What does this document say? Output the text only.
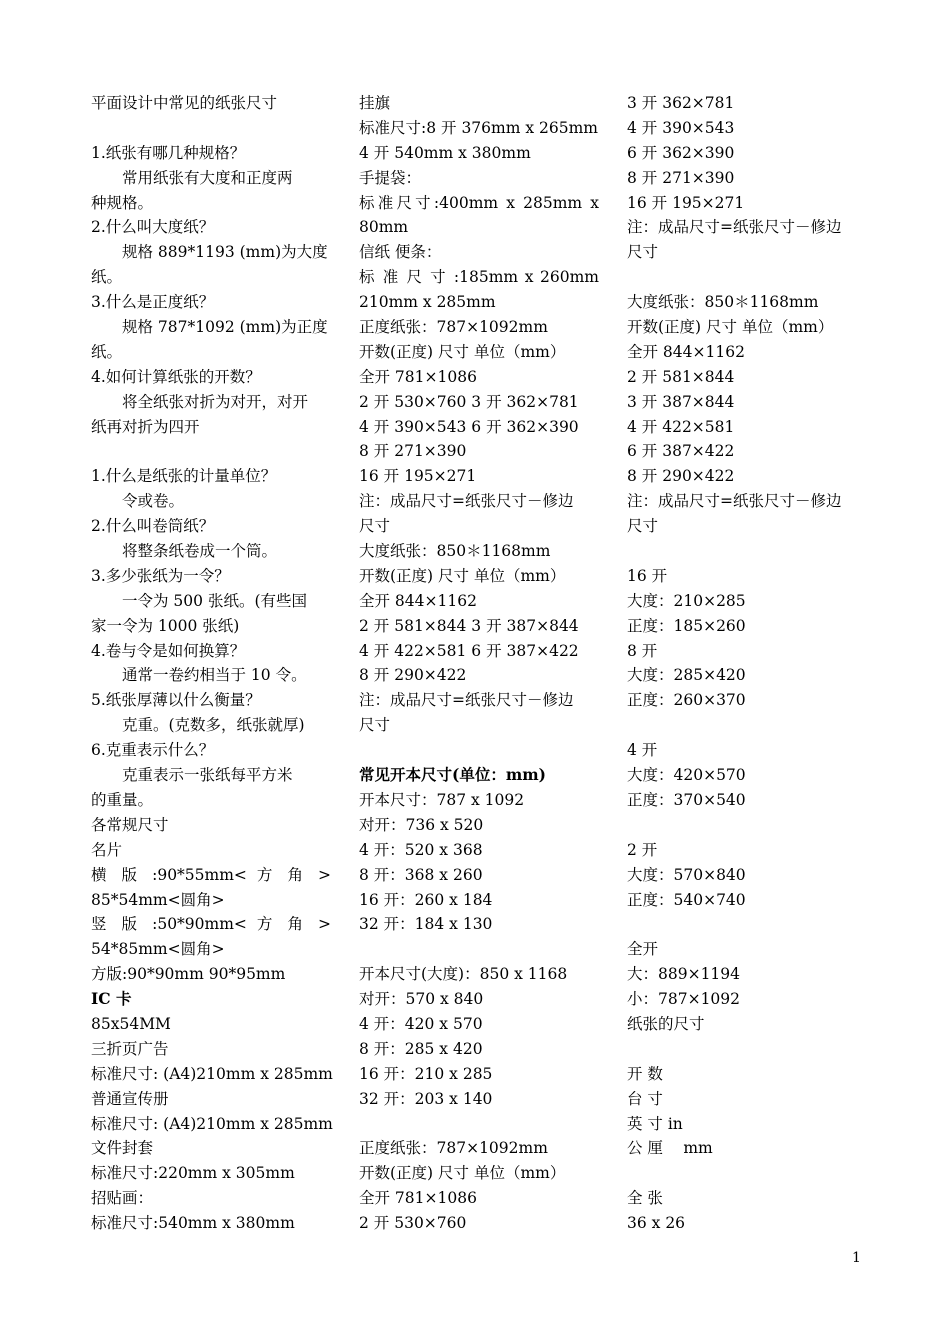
平面设计中常见的纸张尺寸
1.纸张有哪几种规格？
　　常用纸张有大度和正度两
种规格。
2.什么叫大度纸？
　　规格 889*1193 (mm)为大度
纸。
3.什么是正度纸？
　　规格 787*1092 (mm)为正度
纸。
4.如何计算纸张的开数？
　　将全纸张对折为对开，对开
纸再对折为四开
1.什么是纸张的计量单位？
　　令或卷。
2.什么叫卷筒纸？
　　将整条纸卷成一个筒。
3.多少张纸为一令？
　　一令为 500 张纸。(有些国
家一令为 1000 张纸)
4.卷与令是如何换算？
　　通常一卷约相当于 10 令。
5.纸张厚薄以什么衡量？
　　克重。(克数多，纸张就厚)
6.克重表示什么？
　　克重表示一张纸每平方米
的重量。
各常规尺寸
名片
横 版 :90*55mm< 方 角 >
85*54mm<圆角>
竖 版 :50*90mm< 方 角 >
54*85mm<圆角>
方版:90*90mm 90*95mm
IC 卡　　
85x54MM
三折页广告
标准尺寸: (A4)210mm x 285mm
普通宣传册
标准尺寸: (A4)210mm x 285mm
文件封套
标准尺寸:220mm x 305mm
招贴画：
标准尺寸:540mm x 380mm
挂旗
标准尺寸:8 开 376mm x 265mm
4 开 540mm x 380mm
手提袋：
标准尺寸:400mm x 285mm x
80mm
信纸 便条：
标 准 尺 寸 :185mm x 260mm
210mm x 285mm
正度纸张：787×1092mm
开数(正度) 尺寸 单位（mm）
全开 781×1086
2 开 530×760 3 开 362×781
4 开 390×543 6 开 362×390
8 开 271×390
16 开 195×271
注：成品尺寸=纸张尺寸－修边
尺寸
大度纸张：850＊1168mm
开数(正度) 尺寸 单位（mm）
全开 844×1162
2 开 581×844 3 开 387×844
4 开 422×581 6 开 387×422
8 开 290×422
注：成品尺寸=纸张尺寸－修边
尺寸
常见开本尺寸(单位：mm)
开本尺寸：787 x 1092
对开：736 x 520
4 开：520 x 368
8 开：368 x 260
16 开：260 x 184
32 开：184 x 130
开本尺寸(大度)：850 x 1168
对开：570 x 840
4 开：420 x 570
8 开：285 x 420
16 开：210 x 285
32 开：203 x 140
正度纸张：787×1092mm
开数(正度) 尺寸 单位（mm）
全开 781×1086
2 开 530×760
3 开 362×781
4 开 390×543
6 开 362×390
8 开 271×390
16 开 195×271
注：成品尺寸=纸张尺寸－修边
尺寸
大度纸张：850＊1168mm
开数(正度) 尺寸 单位（mm）
全开 844×1162
2 开 581×844
3 开 387×844
4 开 422×581
6 开 387×422
8 开 290×422
注：成品尺寸=纸张尺寸－修边
尺寸
16 开
大度：210×285
正度：185×260
8 开
大度：285×420
正度：260×370
4 开
大度：420×570
正度：370×540
2 开
大度：570×840
正度：540×740
全开
大：889×1194
小：787×1092
纸张的尺寸
开 数
台 寸
英 寸 in
公 厘　 mm
全 张
36 x 26
1
